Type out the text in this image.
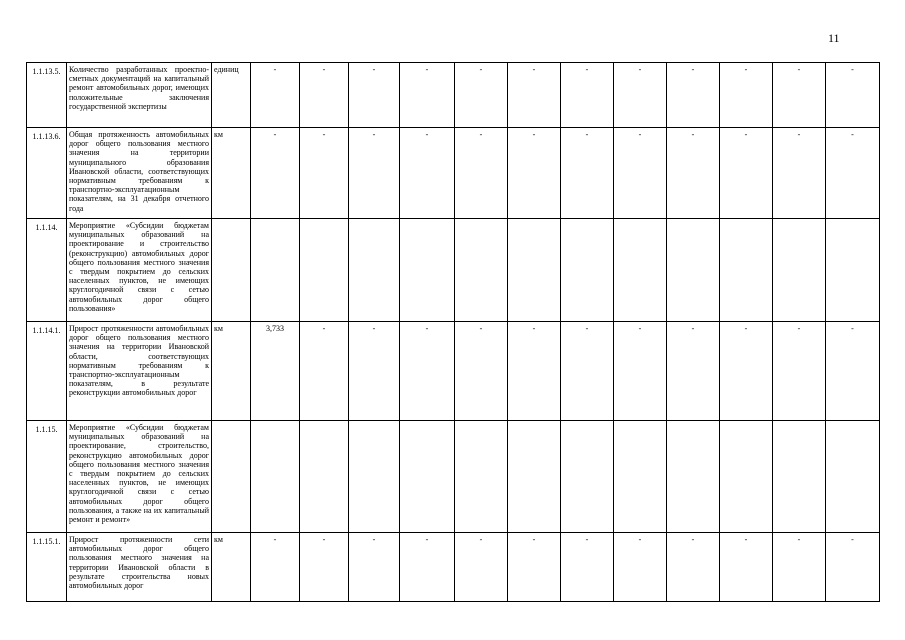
11
1.1.13.5.	Количество разработанных проектно-сметных документаций на капитальный ремонт автомобильных дорог, имеющих положительные заключения государственной экспертизы	единиц	-	-	-	-	-	-	-	-	-	-	-	-
1.1.13.6.	Общая протяженность автомобильных дорог общего пользования местного значения на территории муниципального образования Ивановской области, соответствующих нормативным требованиям к транспортно-эксплуатационным показателям, на 31 декабря отчетного года	км	-	-	-	-	-	-	-	-	-	-	-	-
1.1.14.	Мероприятие «Субсидии бюджетам муниципальных образований на проектирование и строительство (реконструкцию) автомобильных дорог общего пользования местного значения с твердым покрытием до сельских населенных пунктов, не имеющих круглогодичной связи с сетью автомобильных дорог общего пользования»													
1.1.14.1.	Прирост протяженности автомобильных дорог общего пользования местного значения на территории Ивановской области, соответствующих нормативным требованиям к транспортно-эксплуатационным показателям, в результате реконструкции автомобильных дорог	км	3,733	-	-	-	-	-	-	-	-	-	-	-
1.1.15.	Мероприятие «Субсидии бюджетам муниципальных образований на проектирование, строительство, реконструкцию автомобильных дорог общего пользования местного значения с твердым покрытием до сельских населенных пунктов, не имеющих круглогодичной связи с сетью автомобильных дорог общего пользования, а также на их капитальный ремонт и ремонт»													
1.1.15.1.	Прирост протяженности сети автомобильных дорог общего пользования местного значения на территории Ивановской области в результате строительства новых автомобильных дорог	км	-	-	-	-	-	-	-	-	-	-	-	-
